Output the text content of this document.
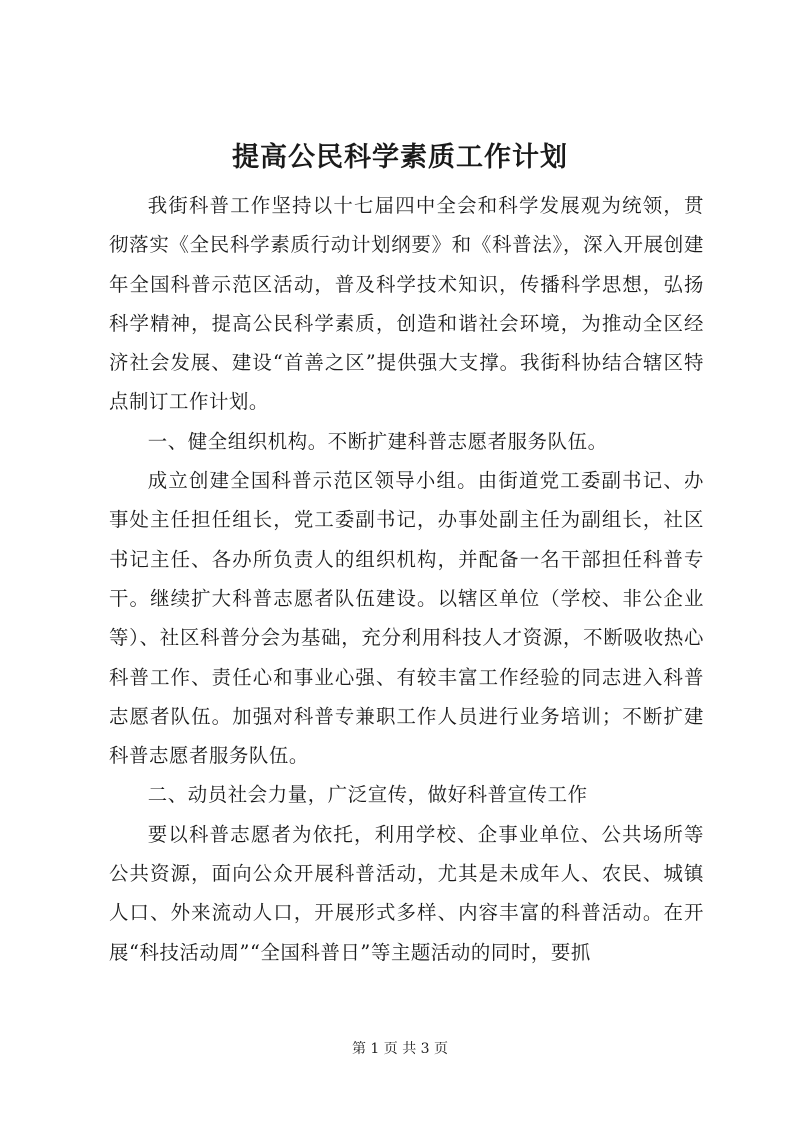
提高公民科学素质工作计划

我街科普工作坚持以十七届四中全会和科学发展观为统领，贯彻落实《全民科学素质行动计划纲要》和《科普法》，深入开展创建年全国科普示范区活动，普及科学技术知识，传播科学思想，弘扬科学精神，提高公民科学素质，创造和谐社会环境，为推动全区经济社会发展、建设“首善之区”提供强大支撑。我街科协结合辖区特点制订工作计划。

一、健全组织机构。不断扩建科普志愿者服务队伍。

成立创建全国科普示范区领导小组。由街道党工委副书记、办事处主任担任组长，党工委副书记，办事处副主任为副组长，社区书记主任、各办所负责人的组织机构，并配备一名干部担任科普专干。继续扩大科普志愿者队伍建设。以辖区单位（学校、非公企业等）、社区科普分会为基础，充分利用科技人才资源，不断吸收热心科普工作、责任心和事业心强、有较丰富工作经验的同志进入科普志愿者队伍。加强对科普专兼职工作人员进行业务培训；不断扩建科普志愿者服务队伍。

二、动员社会力量，广泛宣传，做好科普宣传工作

要以科普志愿者为依托，利用学校、企事业单位、公共场所等公共资源，面向公众开展科普活动，尤其是未成年人、农民、城镇人口、外来流动人口，开展形式多样、内容丰富的科普活动。在开展“科技活动周”“全国科普日”等主题活动的同时，要抓

第 1 页 共 3 页
